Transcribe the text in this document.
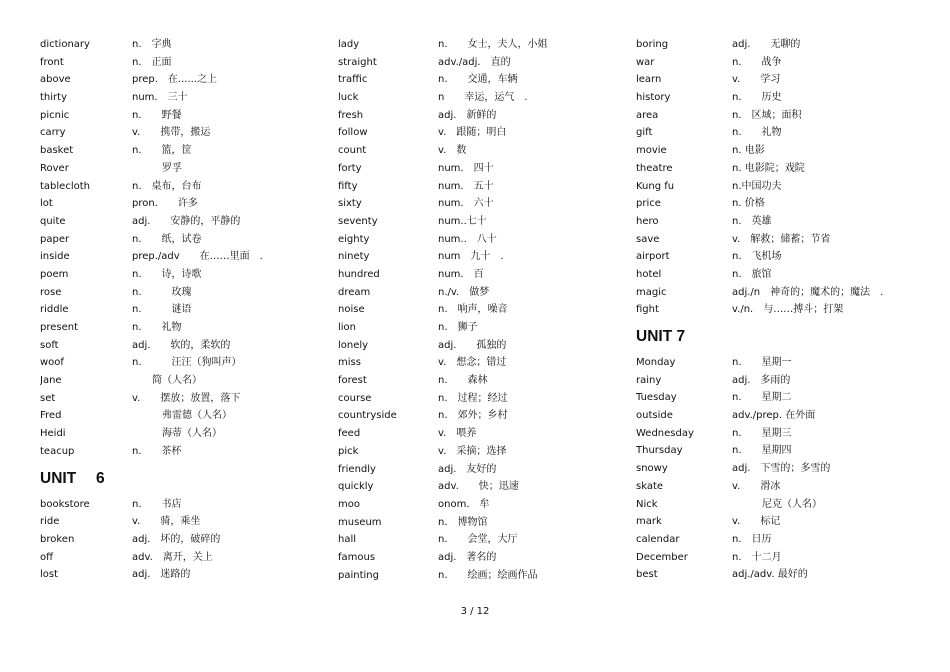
dictionary	n.　字典
front	n.　正面
above	prep.　在......之上
thirty	num.　三十
picnic	n.　　野餐
carry	v.　　携带，搬运
basket	n.　　篮，筐
Rover	　　　罗孚
tablecloth	n.　桌布，台布
lot	pron.　　许多
quite	adj.　　安静的，平静的
paper	n.　　纸，试卷
inside	prep./adv　　在……里面　.
poem	n.　　诗，诗歌
rose	n.　　　玫瑰
riddle	n.　　　谜语
present	n.　　礼物
soft	adj.　　软的，柔软的
woof	n.　　　汪汪（狗叫声）
Jane	　　简（人名）
set	v.　　摆放；放置，落下
Fred	　　　弗雷德（人名）
Heidi	　　　海蒂（人名）
teacup	n.　　茶杯
UNIT　 6
bookstore	n.　　书店
ride	v.　　骑，乘坐
broken	adj.　坏的，破碎的
off	adv.　离开，关上
lost	adj.　迷路的
lady	n.　　女士，夫人，小姐
straight	adv./adj.　直的
traffic	n.　　交通，车辆
luck	n　　幸运，运气　.
fresh	adj.　新鲜的
follow	v.　跟随；明白
count	v.　数
forty	num.　四十
fifty	num.　五十
sixty	num.　六十
seventy	num..七十
eighty	num..　八十
ninety	num　九十　.
hundred	num.　百
dream	n./v.　做梦
noise	n.　响声，噪音
lion	n.　狮子
lonely	adj.　　孤独的
miss	v.　想念；错过
forest	n.　　森林
course	n.　过程；经过
countryside	n.　郊外；乡村
feed	v.　喂养
pick	v.　采摘；选择
friendly	adj.　友好的
quickly	adv.　　快；迅速
moo	onom.　牟
museum	n.　博物馆
hall	n.　　会堂，大厅
famous	adj.　著名的
painting	n.　　绘画；绘画作品
boring	adj.　　无聊的
war	n.　　战争
learn	v.　　学习
history	n.　　历史
area	n.　区域；面积
gift	n.　　礼物
movie	n. 电影
theatre	n. 电影院；戏院
Kung fu	n.中国功夫
price	n. 价格
hero	n.　英雄
save	v.　解救；储蓄；节省
airport	n.　飞机场
hotel	n.　旅馆
magic	adj./n　神奇的；魔术的；魔法　.
fight	v./n.　与……搏斗；打架
UNIT 7
Monday	n.　　星期一
rainy	adj.　多雨的
Tuesday	n.　　星期二
outside	adv./prep. 在外面
Wednesday	n.　　星期三
Thursday	n.　　星期四
snowy	adj.　下雪的；多雪的
skate	v.　　滑冰
Nick	　　　尼克（人名）
mark	v.　　标记
calendar	n.　日历
December	n.　十二月
best	adj./adv. 最好的
3 / 12
